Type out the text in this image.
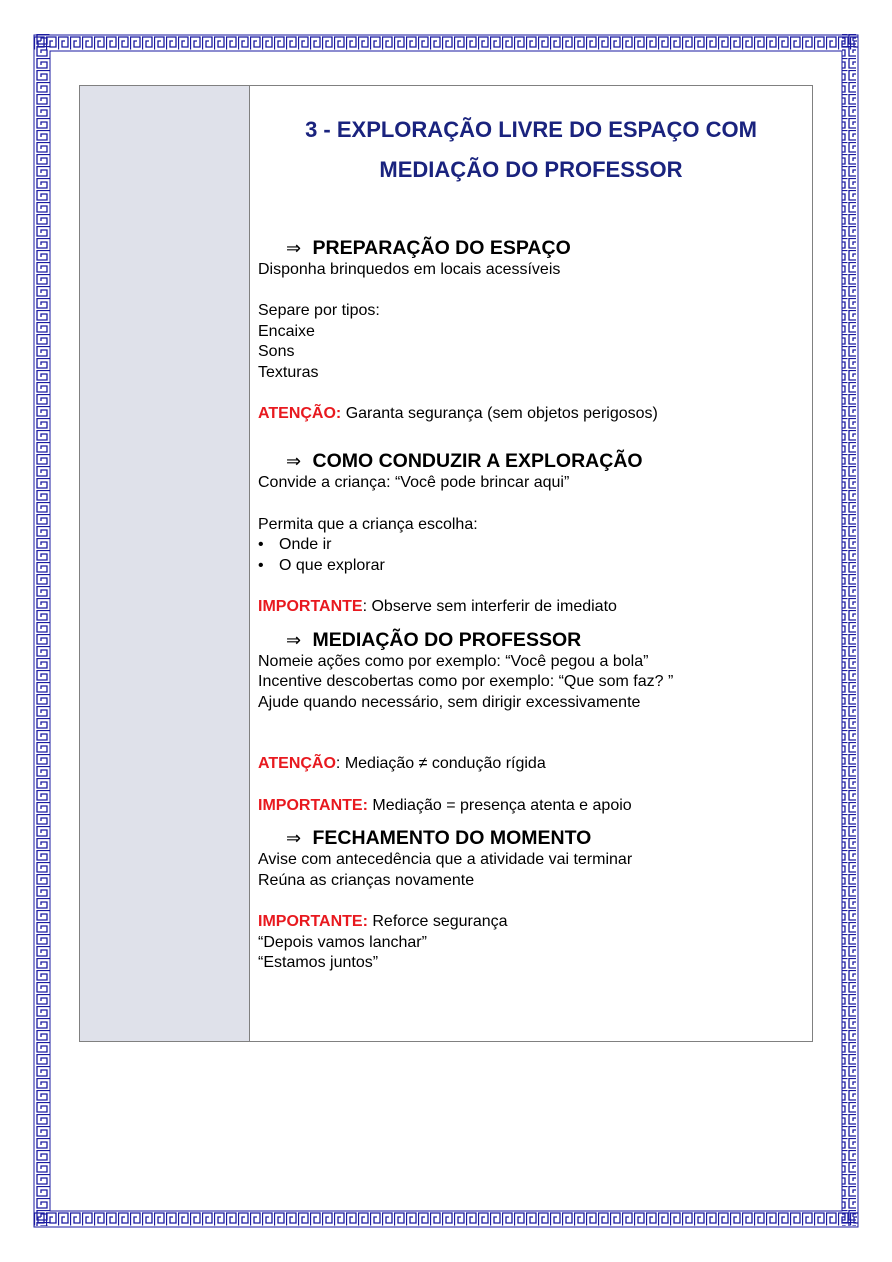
3 - EXPLORAÇÃO LIVRE DO ESPAÇO COM
MEDIAÇÃO DO PROFESSOR
⇒ PREPARAÇÃO DO ESPAÇO
Disponha brinquedos em locais acessíveis
Separe por tipos:
Encaixe
Sons
Texturas
ATENÇÃO: Garanta segurança (sem objetos perigosos)
⇒ COMO CONDUZIR A EXPLORAÇÃO
Convide a criança: “Você pode brincar aqui”
Permita que a criança escolha:
• Onde ir
• O que explorar
IMPORTANTE: Observe sem interferir de imediato
⇒ MEDIAÇÃO DO PROFESSOR
Nomeie ações como por exemplo: “Você pegou a bola”
Incentive descobertas como por exemplo: “Que som faz? ”
Ajude quando necessário, sem dirigir excessivamente
ATENÇÃO: Mediação ≠ condução rígida
IMPORTANTE: Mediação = presença atenta e apoio
⇒ FECHAMENTO DO MOMENTO
Avise com antecedência que a atividade vai terminar
Reúna as crianças novamente
IMPORTANTE: Reforce segurança
“Depois vamos lanchar”
“Estamos juntos”
